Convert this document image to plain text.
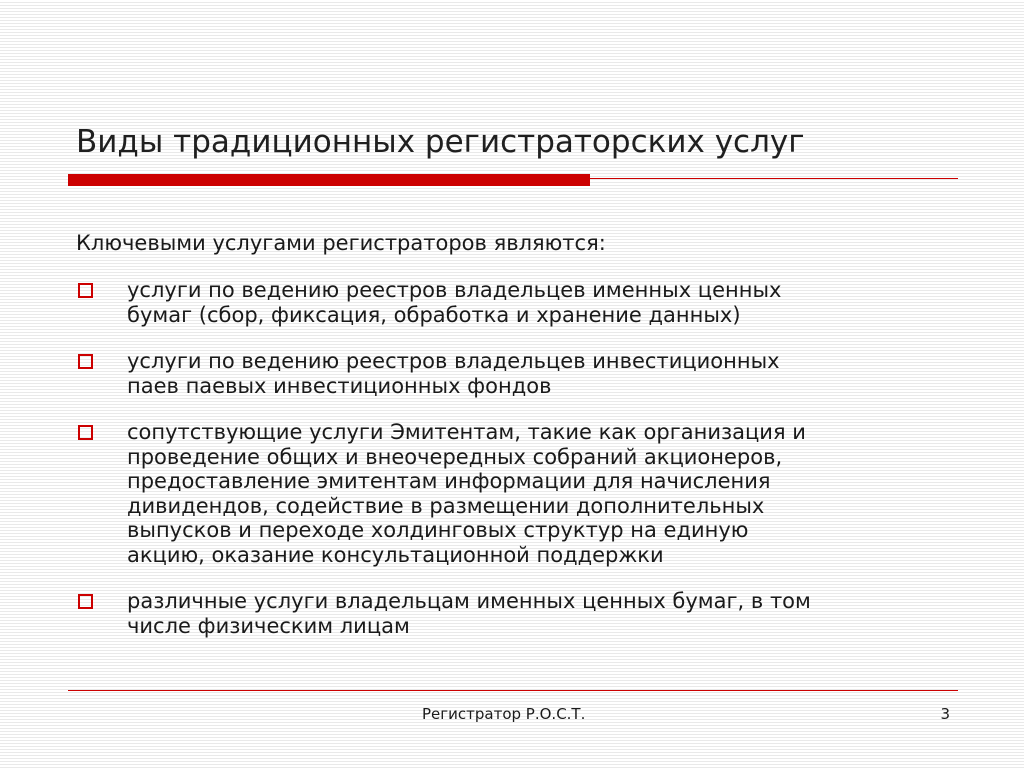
Виды традиционных регистраторских услуг
Ключевыми услугами регистраторов являются:
услуги по ведению реестров владельцев именных ценных
бумаг (сбор, фиксация, обработка и хранение данных)
услуги по ведению реестров владельцев инвестиционных
паев паевых инвестиционных фондов
сопутствующие услуги Эмитентам, такие как организация и
проведение общих и внеочередных собраний акционеров,
предоставление эмитентам информации для начисления
дивидендов, содействие в размещении дополнительных
выпусков и переходе холдинговых структур на единую
акцию, оказание консультационной поддержки
различные услуги владельцам именных ценных бумаг, в том
числе физическим лицам
Регистратор Р.О.С.Т.	3
